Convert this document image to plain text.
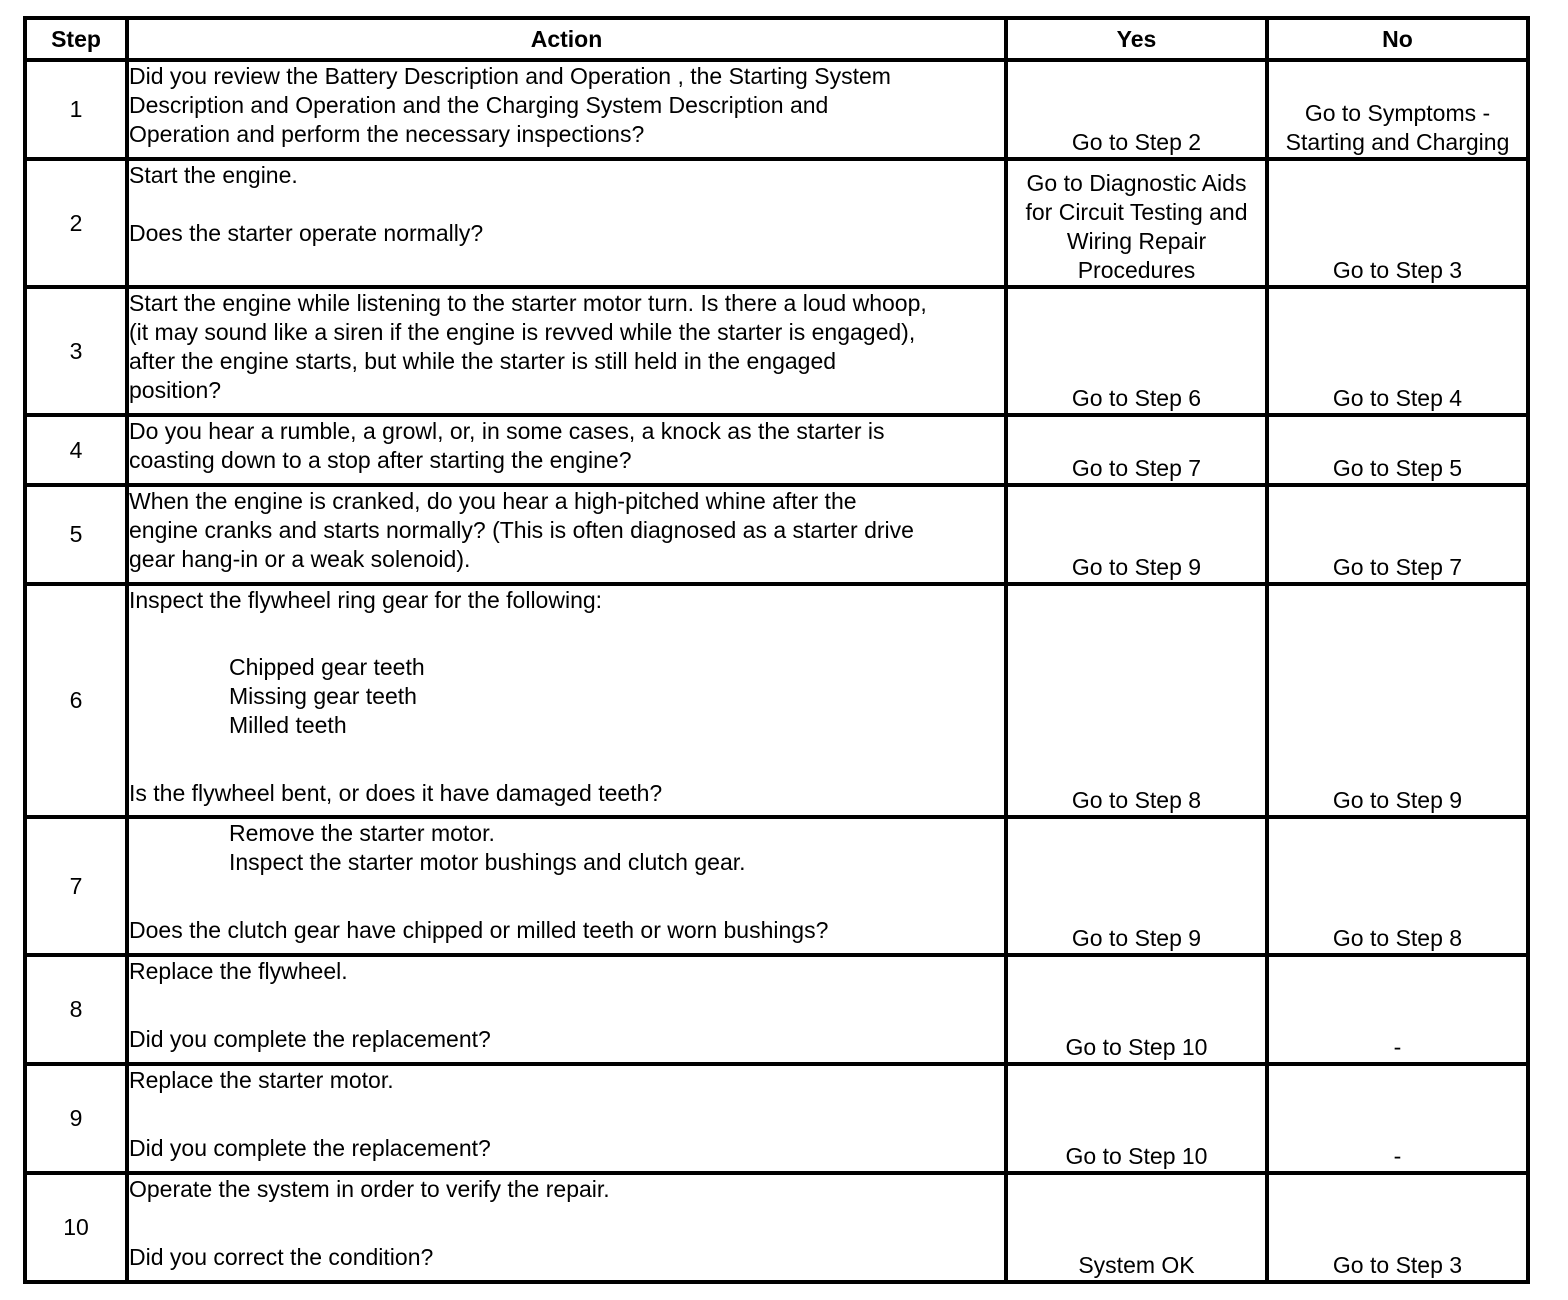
Step	Action	Yes	No
1	Did you review the Battery Description and Operation , the Starting System
Description and Operation and the Charging System Description and
Operation and perform the necessary inspections?	Go to Step 2	Go to Symptoms -
Starting and Charging

2	Start the engine.

Does the starter operate normally?	Go to Diagnostic Aids
for Circuit Testing and
Wiring Repair
Procedures	Go to Step 3

3	Start the engine while listening to the starter motor turn. Is there a loud whoop,
(it may sound like a siren if the engine is revved while the starter is engaged),
after the engine starts, but while the starter is still held in the engaged
position?	Go to Step 6	Go to Step 4

4	Do you hear a rumble, a growl, or, in some cases, a knock as the starter is
coasting down to a stop after starting the engine?	Go to Step 7	Go to Step 5

5	When the engine is cranked, do you hear a high-pitched whine after the
engine cranks and starts normally? (This is often diagnosed as a starter drive
gear hang-in or a weak solenoid).	Go to Step 9	Go to Step 7

6	Inspect the flywheel ring gear for the following:

Chipped gear teeth
Missing gear teeth
Milled teeth

Is the flywheel bent, or does it have damaged teeth?	Go to Step 8	Go to Step 9

7	Remove the starter motor.
Inspect the starter motor bushings and clutch gear.

Does the clutch gear have chipped or milled teeth or worn bushings?	Go to Step 9	Go to Step 8

8	Replace the flywheel.

Did you complete the replacement?	Go to Step 10	-

9	Replace the starter motor.

Did you complete the replacement?	Go to Step 10	-

10	Operate the system in order to verify the repair.

Did you correct the condition?	System OK	Go to Step 3
